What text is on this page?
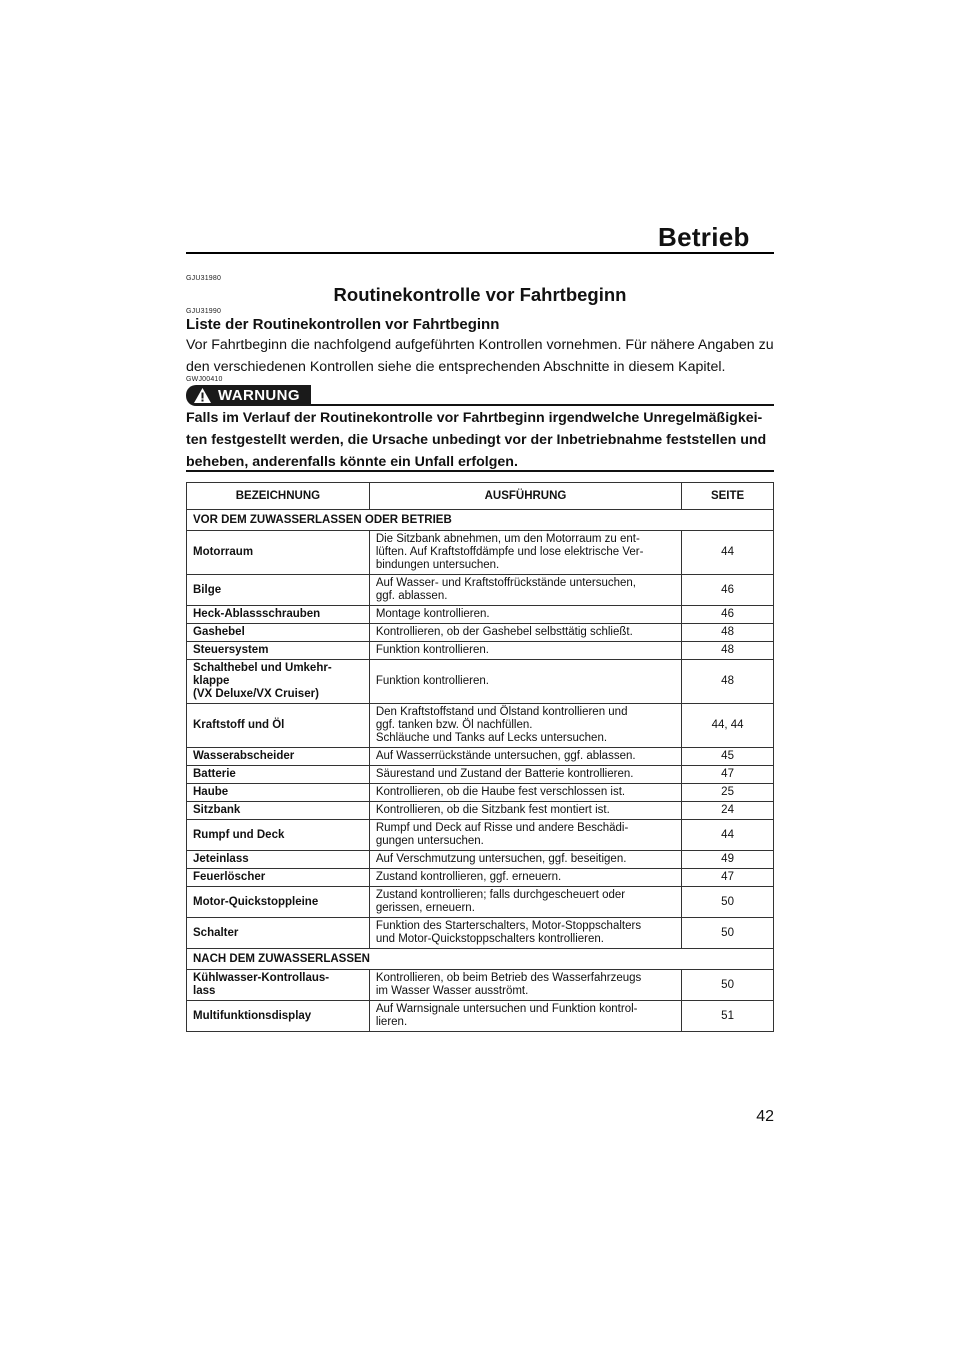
Betrieb
GJU31980
Routinekontrolle vor Fahrtbeginn
GJU31990
Liste der Routinekontrollen vor Fahrtbeginn
Vor Fahrtbeginn die nachfolgend aufgeführten Kontrollen vornehmen. Für nähere Angaben zu den verschiedenen Kontrollen siehe die entsprechenden Abschnitte in diesem Kapitel.
GWJ00410
WARNUNG
Falls im Verlauf der Routinekontrolle vor Fahrtbeginn irgendwelche Unregelmäßigkei-ten festgestellt werden, die Ursache unbedingt vor der Inbetriebnahme feststellen und beheben, anderenfalls könnte ein Unfall erfolgen.
BEZEICHNUNG	AUSFÜHRUNG	SEITE
VOR DEM ZUWASSERLASSEN ODER BETRIEB		
Motorraum	Die Sitzbank abnehmen, um den Motorraum zu ent-
lüften. Auf Kraftstoffdämpfe und lose elektrische Ver-
bindungen untersuchen.	44
Bilge	Auf Wasser- und Kraftstoffrückstände untersuchen,
ggf. ablassen.	46
Heck-Ablassschrauben	Montage kontrollieren.	46
Gashebel	Kontrollieren, ob der Gashebel selbsttätig schließt.	48
Steuersystem	Funktion kontrollieren.	48
Schalthebel und Umkehr-
klappe
(VX Deluxe/VX Cruiser)	Funktion kontrollieren.	48
Kraftstoff und Öl	Den Kraftstoffstand und Ölstand kontrollieren und
ggf. tanken bzw. Öl nachfüllen.
Schläuche und Tanks auf Lecks untersuchen.	44, 44
Wasserabscheider	Auf Wasserrückstände untersuchen, ggf. ablassen.	45
Batterie	Säurestand und Zustand der Batterie kontrollieren.	47
Haube	Kontrollieren, ob die Haube fest verschlossen ist.	25
Sitzbank	Kontrollieren, ob die Sitzbank fest montiert ist.	24
Rumpf und Deck	Rumpf und Deck auf Risse und andere Beschädi-
gungen untersuchen.	44
Jeteinlass	Auf Verschmutzung untersuchen, ggf. beseitigen.	49
Feuerlöscher	Zustand kontrollieren, ggf. erneuern.	47
Motor-Quickstoppleine	Zustand kontrollieren; falls durchgescheuert oder
gerissen, erneuern.	50
Schalter	Funktion des Starterschalters, Motor-Stoppschalters
und Motor-Quickstoppschalters kontrollieren.	50
NACH DEM ZUWASSERLASSEN		
Kühlwasser-Kontrollaus-
lass	Kontrollieren, ob beim Betrieb des Wasserfahrzeugs
im Wasser Wasser ausströmt.	50
Multifunktionsdisplay	Auf Warnsignale untersuchen und Funktion kontrol-
lieren.	51
42
